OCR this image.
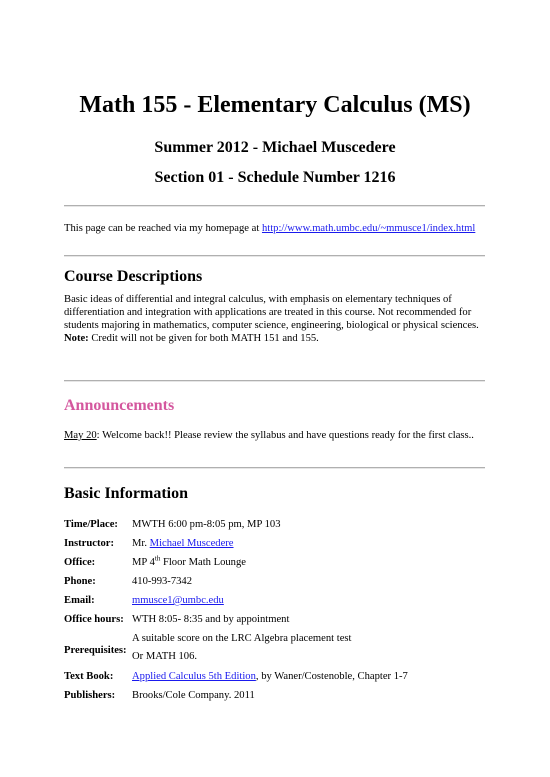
Math 155 - Elementary Calculus (MS)

Summer 2012 - Michael Muscedere

Section 01 - Schedule Number 1216

This page can be reached via my homepage at http://www.math.umbc.edu/~mmusce1/index.html

Course Descriptions

Basic ideas of differential and integral calculus, with emphasis on elementary techniques of differentiation and integration with applications are treated in this course. Not recommended for students majoring in mathematics, computer science, engineering, biological or physical sciences. Note: Credit will not be given for both MATH 151 and 155.

Announcements

May 20: Welcome back!! Please review the syllabus and have questions ready for the first class..

Basic Information
Time/Place:	MWTH 6:00 pm-8:05 pm, MP 103
Instructor:	Mr. Michael Muscedere
Office:	MP 4th Floor Math Lounge
Phone:	410-993-7342
Email:	mmusce1@umbc.edu
Office hours:	WTH 8:05- 8:35 and by appointment
Prerequisites:	A suitable score on the LRC Algebra placement test
Or MATH 106.

Text Book:	Applied Calculus 5th Edition, by Waner/Costenoble, Chapter 1-7
Publishers:	Brooks/Cole Company. 2011
